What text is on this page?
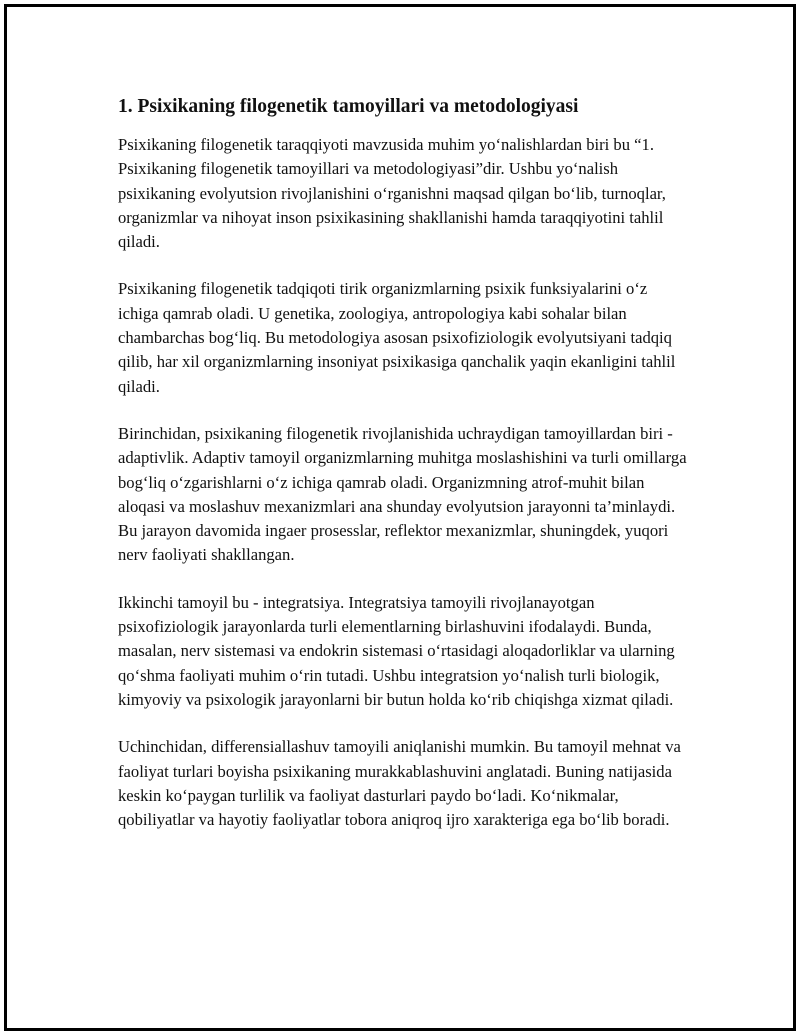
1. Psixikaning filogenetik tamoyillari va metodologiyasi

Psixikaning filogenetik taraqqiyoti mavzusida muhim yo‘nalishlardan biri bu “1. Psixikaning filogenetik tamoyillari va metodologiyasi”dir. Ushbu yo‘nalish psixikaning evolyutsion rivojlanishini o‘rganishni maqsad qilgan bo‘lib, turnoqlar, organizmlar va nihoyat inson psixikasining shakllanishi hamda taraqqiyotini tahlil qiladi.

Psixikaning filogenetik tadqiqoti tirik organizmlarning psixik funksiyalarini o‘z ichiga qamrab oladi. U genetika, zoologiya, antropologiya kabi sohalar bilan chambarchas bog‘liq. Bu metodologiya asosan psixofiziologik evolyutsiyani tadqiq qilib, har xil organizmlarning insoniyat psixikasiga qanchalik yaqin ekanligini tahlil qiladi.

Birinchidan, psixikaning filogenetik rivojlanishida uchraydigan tamoyillardan biri - adaptivlik. Adaptiv tamoyil organizmlarning muhitga moslashishini va turli omillarga bog‘liq o‘zgarishlarni o‘z ichiga qamrab oladi. Organizmning atrof-muhit bilan aloqasi va moslashuv mexanizmlari ana shunday evolyutsion jarayonni ta’minlaydi. Bu jarayon davomida ingaer prosesslar, reflektor mexanizmlar, shuningdek, yuqori nerv faoliyati shakllangan.

Ikkinchi tamoyil bu - integratsiya. Integratsiya tamoyili rivojlanayotgan psixofiziologik jarayonlarda turli elementlarning birlashuvini ifodalaydi. Bunda, masalan, nerv sistemasi va endokrin sistemasi o‘rtasidagi aloqadorliklar va ularning qo‘shma faoliyati muhim o‘rin tutadi. Ushbu integratsion yo‘nalish turli biologik, kimyoviy va psixologik jarayonlarni bir butun holda ko‘rib chiqishga xizmat qiladi.

Uchinchidan, differensiallashuv tamoyili aniqlanishi mumkin. Bu tamoyil mehnat va faoliyat turlari boyisha psixikaning murakkablashuvini anglatadi. Buning natijasida keskin ko‘paygan turlilik va faoliyat dasturlari paydo bo‘ladi. Ko‘nikmalar, qobiliyatlar va hayotiy faoliyatlar tobora aniqroq ijro xarakteriga ega bo‘lib boradi.
